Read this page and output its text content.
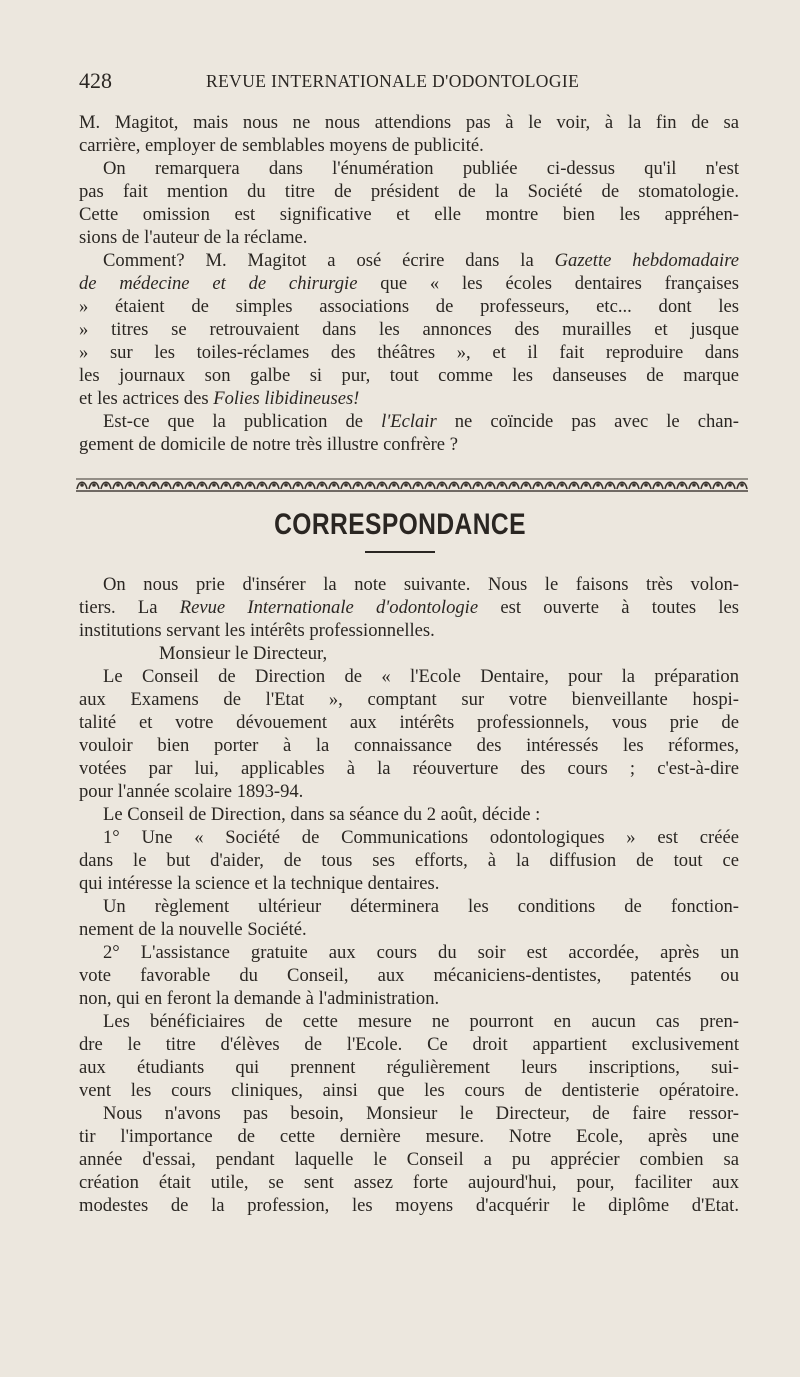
428	REVUE INTERNATIONALE D'ODONTOLOGIE

M. Magitot, mais nous ne nous attendions pas à le voir, à la fin de sa

carrière, employer de semblables moyens de publicité.

On remarquera dans l'énumération publiée ci-dessus qu'il n'est

pas fait mention du titre de président de la Société de stomatologie.

Cette omission est significative et elle montre bien les appréhen-

sions de l'auteur de la réclame.

Comment? M. Magitot a osé écrire dans la Gazette hebdomadaire

de médecine et de chirurgie que « les écoles dentaires françaises

» étaient de simples associations de professeurs, etc... dont les

» titres se retrouvaient dans les annonces des murailles et jusque

» sur les toiles-réclames des théâtres », et il fait reproduire dans

les journaux son galbe si pur, tout comme les danseuses de marque

et les actrices des Folies libidineuses!

Est-ce que la publication de l'Eclair ne coïncide pas avec le chan-

gement de domicile de notre très illustre confrère ?

CORRESPONDANCE

On nous prie d'insérer la note suivante. Nous le faisons très volon-

tiers. La Revue Internationale d'odontologie est ouverte à toutes les

institutions servant les intérêts professionnelles.

Monsieur le Directeur,

Le Conseil de Direction de « l'Ecole Dentaire, pour la préparation

aux Examens de l'Etat », comptant sur votre bienveillante hospi-

talité et votre dévouement aux intérêts professionnels, vous prie de

vouloir bien porter à la connaissance des intéressés les réformes,

votées par lui, applicables à la réouverture des cours ; c'est-à-dire

pour l'année scolaire 1893-94.

Le Conseil de Direction, dans sa séance du 2 août, décide :

1° Une « Société de Communications odontologiques » est créée

dans le but d'aider, de tous ses efforts, à la diffusion de tout ce

qui intéresse la science et la technique dentaires.

Un règlement ultérieur déterminera les conditions de fonction-

nement de la nouvelle Société.

2° L'assistance gratuite aux cours du soir est accordée, après un

vote favorable du Conseil, aux mécaniciens-dentistes, patentés ou

non, qui en feront la demande à l'administration.

Les bénéficiaires de cette mesure ne pourront en aucun cas pren-

dre le titre d'élèves de l'Ecole. Ce droit appartient exclusivement

aux étudiants qui prennent régulièrement leurs inscriptions, sui-

vent les cours cliniques, ainsi que les cours de dentisterie opératoire.

Nous n'avons pas besoin, Monsieur le Directeur, de faire ressor-

tir l'importance de cette dernière mesure. Notre Ecole, après une

année d'essai, pendant laquelle le Conseil a pu apprécier combien sa

création était utile, se sent assez forte aujourd'hui, pour, faciliter aux

modestes de la profession, les moyens d'acquérir le diplôme d'Etat.
